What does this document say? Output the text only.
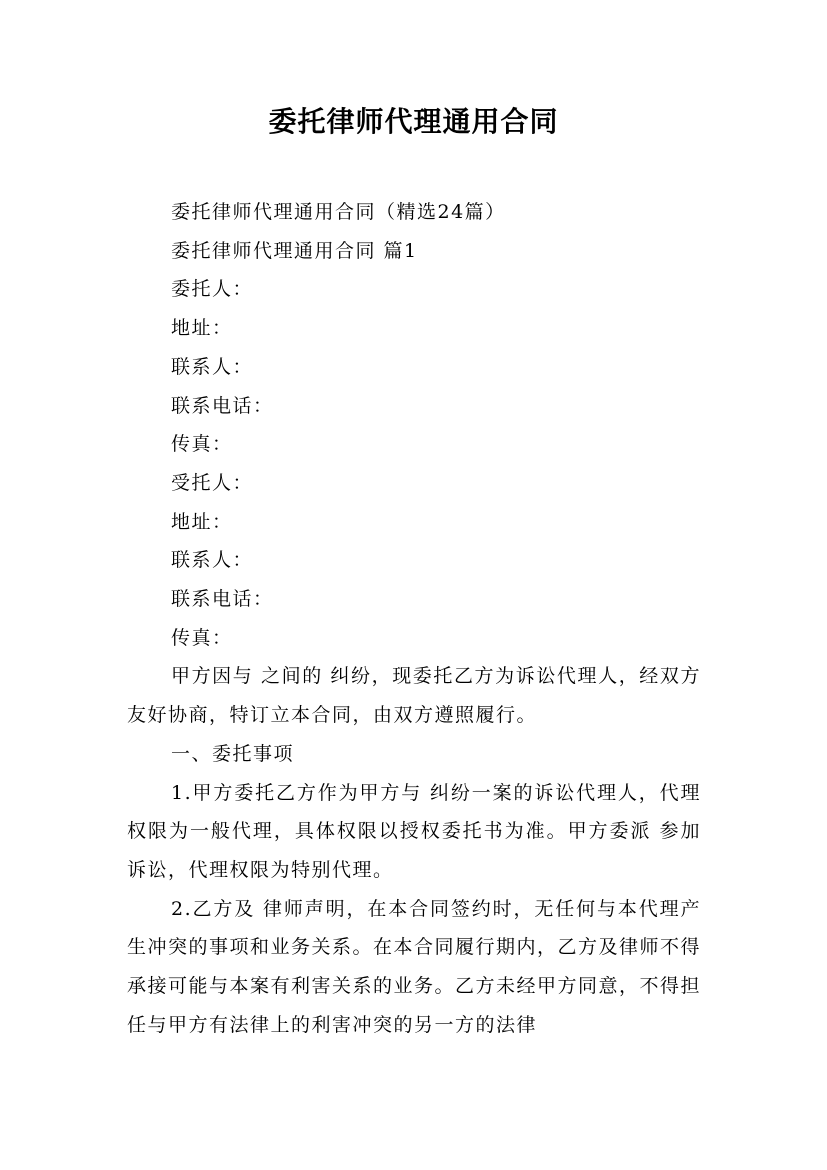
委托律师代理通用合同
委托律师代理通用合同（精选24篇）
委托律师代理通用合同 篇1
委托人：
地址：
联系人：
联系电话：
传真：
受托人：
地址：
联系人：
联系电话：
传真：
甲方因与 之间的 纠纷，现委托乙方为诉讼代理人，经双方友好协商，特订立本合同，由双方遵照履行。
一、委托事项
1.甲方委托乙方作为甲方与 纠纷一案的诉讼代理人，代理权限为一般代理，具体权限以授权委托书为准。甲方委派 参加诉讼，代理权限为特别代理。
2.乙方及 律师声明，在本合同签约时，无任何与本代理产生冲突的事项和业务关系。在本合同履行期内，乙方及律师不得承接可能与本案有利害关系的业务。乙方未经甲方同意，不得担任与甲方有法律上的利害冲突的另一方的法律
